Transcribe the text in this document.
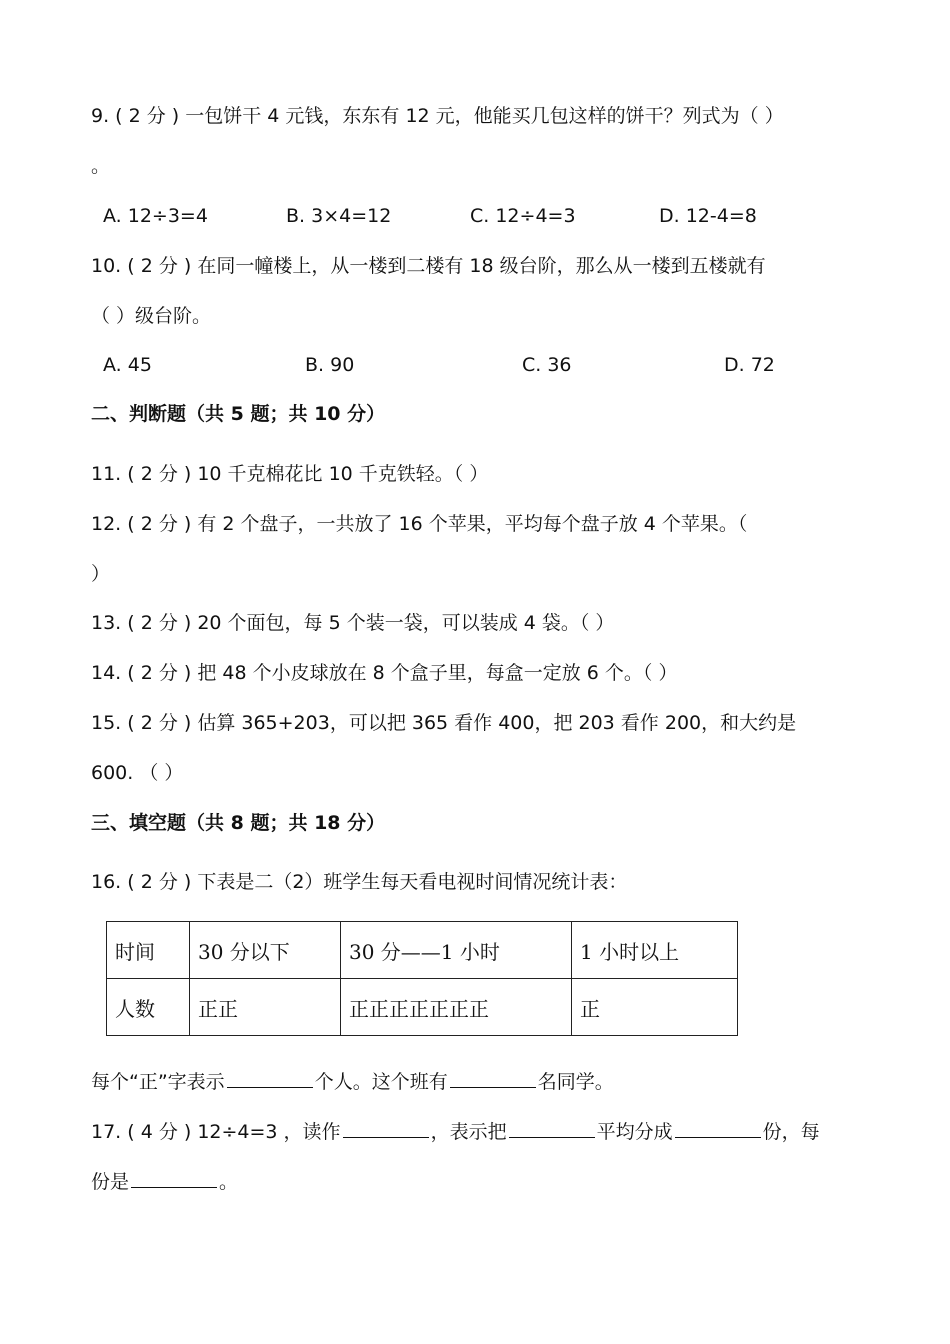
9. ( 2 分 ) 一包饼干 4 元钱，东东有 12 元，他能买几包这样的饼干？列式为（ ）
。
A. 12÷3=4	B. 3×4=12	C. 12÷4=3	D. 12-4=8
10. ( 2 分 ) 在同一幢楼上，从一楼到二楼有 18 级台阶，那么从一楼到五楼就有
（ ）级台阶。
A. 45	B. 90	C. 36	D. 72
二、判断题（共 5 题；共 10 分）
11. ( 2 分 ) 10 千克棉花比 10 千克铁轻。（ ）
12. ( 2 分 ) 有 2 个盘子，一共放了 16 个苹果，平均每个盘子放 4 个苹果。（
）
13. ( 2 分 ) 20 个面包，每 5 个装一袋，可以装成 4 袋。（ ）
14. ( 2 分 ) 把 48 个小皮球放在 8 个盒子里，每盒一定放 6 个。（ ）
15. ( 2 分 ) 估算 365+203，可以把 365 看作 400，把 203 看作 200，和大约是
600. （ ）
三、填空题（共 8 题；共 18 分）
16. ( 2 分 ) 下表是二（2）班学生每天看电视时间情况统计表：
时间	30 分以下	30 分——1 小时	1 小时以上
人数	正正	正正正正正正正	正
每个“正”字表示	个人。这个班有	名同学。
17. ( 4 分 ) 12÷4=3 ，读作	，表示把	平均分成	份，每
份是	。
